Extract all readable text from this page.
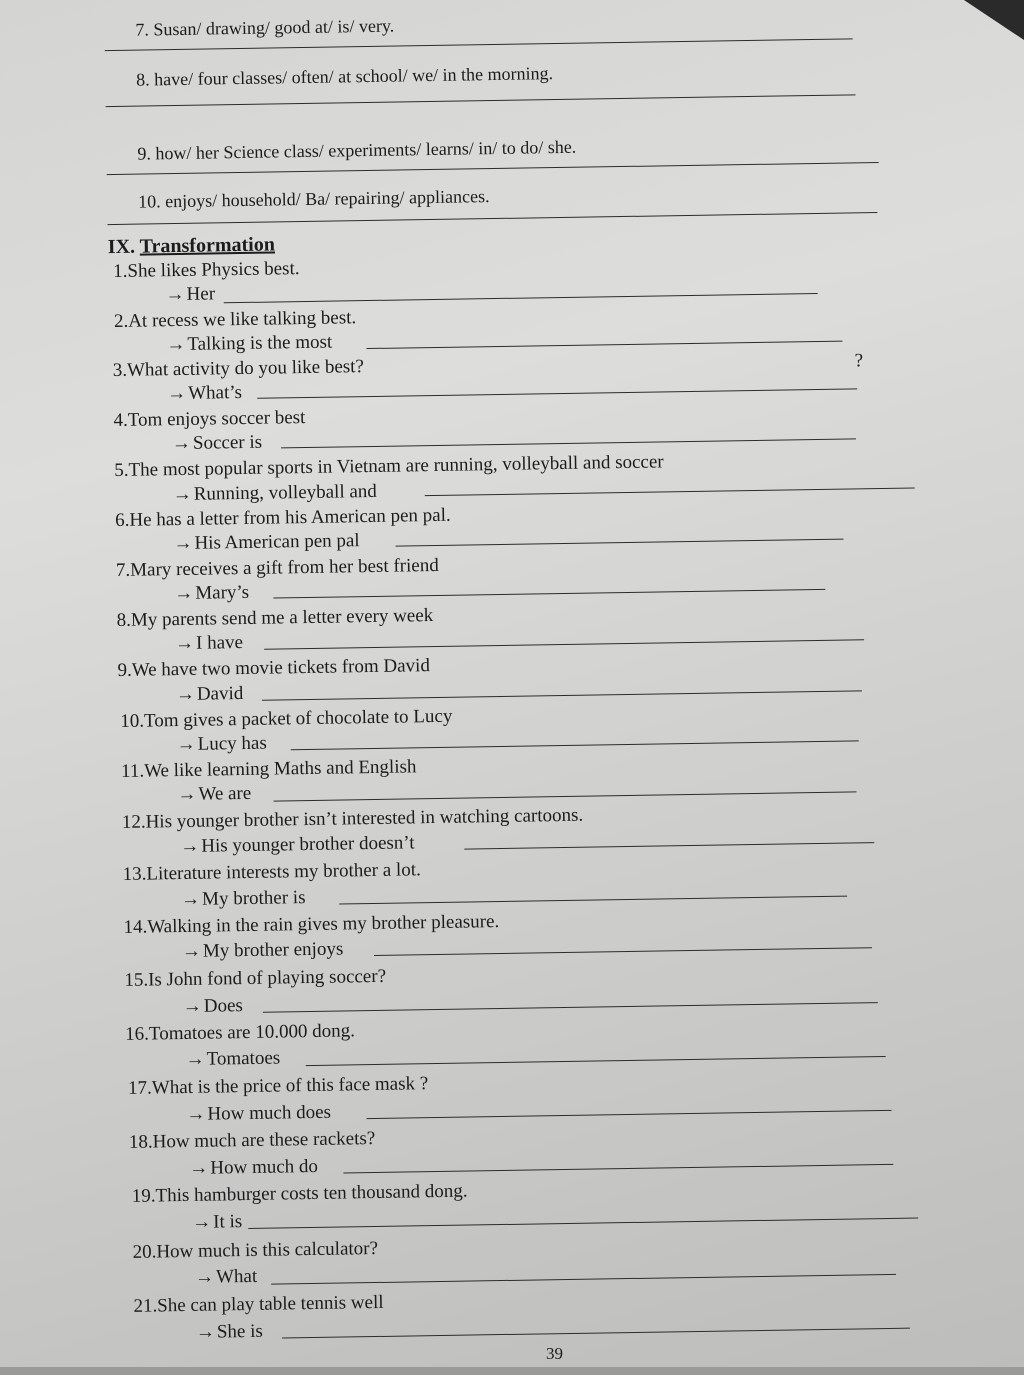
7. Susan/ drawing/ good at/ is/ very.
8. have/ four classes/ often/ at school/ we/ in the morning.
9. how/ her Science class/ experiments/ learns/ in/ to do/ she.
10. enjoys/ household/ Ba/ repairing/ appliances.
IX. Transformation
1.She likes Physics best.
→Her
2.At recess we like talking best.
→Talking is the most
3.What activity do you like best?
→What’s
?
4.Tom enjoys soccer best
→Soccer is
5.The most popular sports in Vietnam are running, volleyball and soccer
→Running, volleyball and
6.He has a letter from his American pen pal.
→His American pen pal
7.Mary receives a gift from her best friend
→Mary’s
8.My parents send me a letter every week
→I have
9.We have two movie tickets from David
→David
10.Tom gives a packet of chocolate to Lucy
→Lucy has
11.We like learning Maths and English
→We are
12.His younger brother isn’t interested in watching cartoons.
→His younger brother doesn’t
13.Literature interests my brother a lot.
→My brother is
14.Walking in the rain gives my brother pleasure.
→My brother enjoys
15.Is John fond of playing soccer?
→Does
16.Tomatoes are 10.000 dong.
→Tomatoes
17.What is the price of this face mask ?
→How much does
18.How much are these rackets?
→How much do
19.This hamburger costs ten thousand dong.
→It is
20.How much is this calculator?
→What
21.She can play table tennis well
→She is
39
